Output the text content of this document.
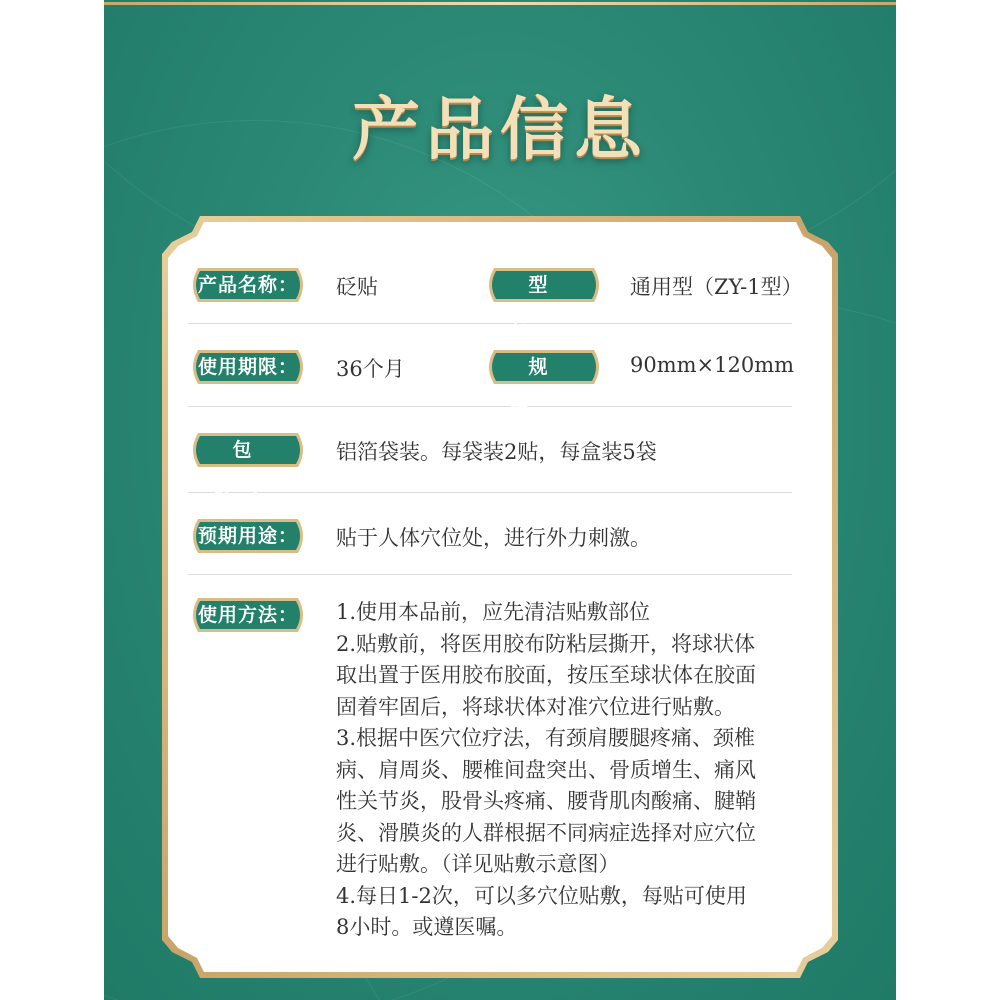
产品信息
产品名称：	砭贴	型　号：
通用型（ZY-1型）
使用期限：	36个月	规　格：
90mm×120mm
包　装：
铝箔袋装。每袋装2贴，每盒装5袋
预期用途：	贴于人体穴位处，进行外力刺激。
使用方法：	1.使用本品前，应先清洁贴敷部位
2.贴敷前，将医用胶布防粘层撕开，将球状体
取出置于医用胶布胶面，按压至球状体在胶面
固着牢固后，将球状体对准穴位进行贴敷。
3.根据中医穴位疗法，有颈肩腰腿疼痛、颈椎
病、肩周炎、腰椎间盘突出、骨质增生、痛风
性关节炎，股骨头疼痛、腰背肌肉酸痛、腱鞘
炎、滑膜炎的人群根据不同病症选择对应穴位
进行贴敷。（详见贴敷示意图）
4.每日1-2次，可以多穴位贴敷，每贴可使用
8小时。或遵医嘱。
